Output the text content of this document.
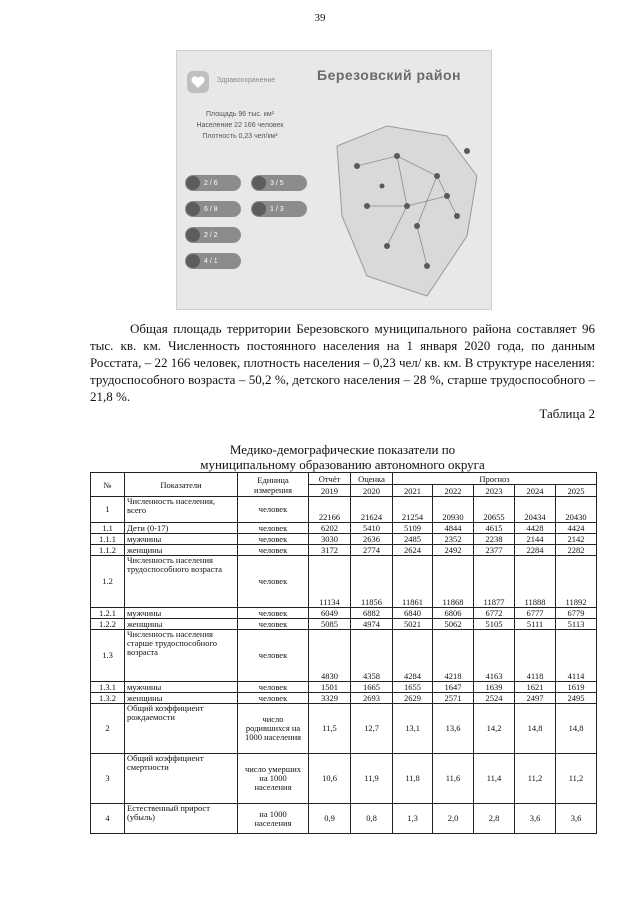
39
Здравоохранение	Березовский район
Площадь 96 тыс. км²
Население 22 166 человек
Плотность 0,23 чел/км²
2 / 6	3 / 5
6 / 8	1 / 3
2 / 2
4 / 1
Общая площадь территории Березовского муниципального района составляет 96 тыс. кв. км. Численность постоянного населения на 1 января 2020 года, по данным Росстата, – 22 166 человек, плотность населения – 0,23 чел/ кв. км. В структуре населения: трудоспособного возраста – 50,2 %, детского населения – 28 %, старше трудоспособного – 21,8 %.
Таблица 2
Медико-демографические показатели по
муниципальному образованию автономного округа
№	Показатели	Единица измерения	Отчёт	Оценка	Прогноз				
			2019	2020	2021	2022	2023	2024	2025
1	Численность населения, всего	человек	22166	21624	21254	20930	20655	20434	20430
1.1	Дети (0-17)	человек	6202	5410	5109	4844	4615	4428	4424
1.1.1	мужчины	человек	3030	2636	2485	2352	2238	2144	2142
1.1.2	женщины	человек	3172	2774	2624	2492	2377	2284	2282
1.2	Численность населения трудоспособного возраста	человек	11134	11856	11861	11868	11877	11888	11892
1.2.1	мужчины	человек	6049	6882	6840	6806	6772	6777	6779
1.2.2	женщины	человек	5085	4974	5021	5062	5105	5111	5113
1.3	Численность населения старше трудоспособного возраста	человек	4830	4358	4284	4218	4163	4118	4114
1.3.1	мужчины	человек	1501	1665	1655	1647	1639	1621	1619
1.3.2	женщины	человек	3329	2693	2629	2571	2524	2497	2495
2	Общий коэффициент рождаемости	число родившихся на 1000 населения	11,5	12,7	13,1	13,6	14,2	14,8	14,8
3	Общий коэффициент смертности	число умерших на 1000 населения	10,6	11,9	11,8	11,6	11,4	11,2	11,2
4	Естественный прирост (убыль)	на 1000 населения	0,9	0,8	1,3	2,0	2,8	3,6	3,6
